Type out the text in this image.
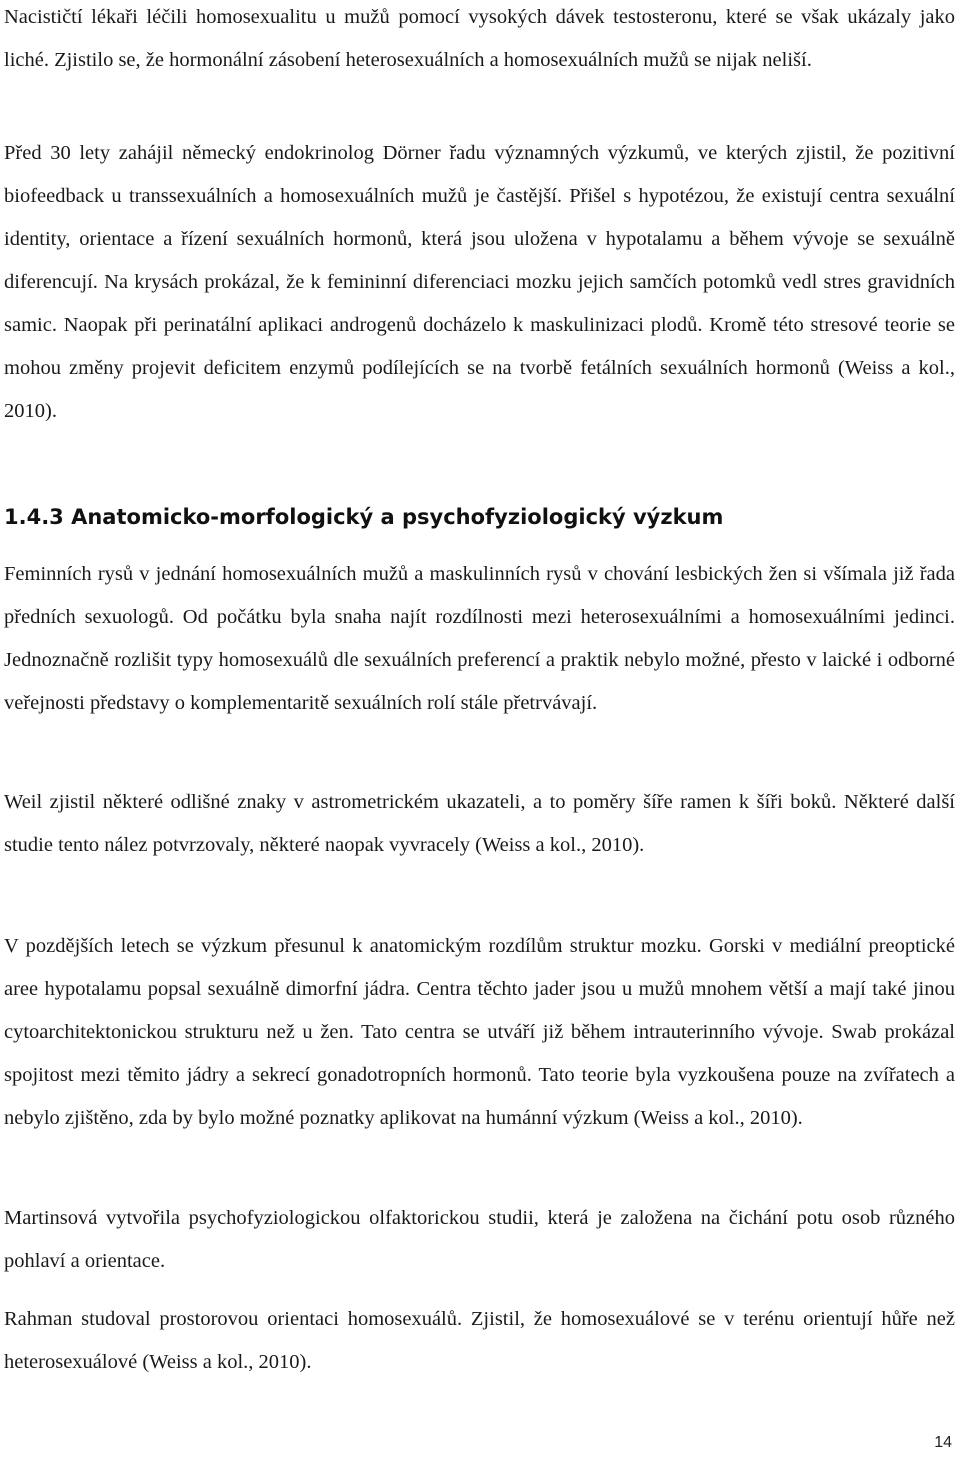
Nacističtí lékaři léčili homosexualitu u mužů pomocí vysokých dávek testosteronu, které se však ukázaly jako liché. Zjistilo se, že hormonální zásobení heterosexuálních a homosexuálních mužů se nijak neliší.

Před 30 lety zahájil německý endokrinolog Dörner řadu významných výzkumů, ve kterých zjistil, že pozitivní biofeedback u transsexuálních a homosexuálních mužů je častější. Přišel s hypotézou, že existují centra sexuální identity, orientace a řízení sexuálních hormonů, která jsou uložena v hypotalamu a během vývoje se sexuálně diferencují. Na krysách prokázal, že k femininní diferenciaci mozku jejich samčích potomků vedl stres gravidních samic. Naopak při perinatální aplikaci androgenů docházelo k maskulinizaci plodů. Kromě této stresové teorie se mohou změny projevit deficitem enzymů podílejících se na tvorbě fetálních sexuálních hormonů (Weiss a kol., 2010).

1.4.3 Anatomicko-morfologický a psychofyziologický výzkum

Feminních rysů v jednání homosexuálních mužů a maskulinních rysů v chování lesbických žen si všímala již řada předních sexuologů. Od počátku byla snaha najít rozdílnosti mezi heterosexuálními a homosexuálními jedinci. Jednoznačně rozlišit typy homosexuálů dle sexuálních preferencí a praktik nebylo možné, přesto v laické i odborné veřejnosti představy o komplementaritě sexuálních rolí stále přetrvávají.

Weil zjistil některé odlišné znaky v astrometrickém ukazateli, a to poměry šíře ramen k šíři boků. Některé další studie tento nález potvrzovaly, některé naopak vyvracely (Weiss a kol., 2010).

V pozdějších letech se výzkum přesunul k anatomickým rozdílům struktur mozku. Gorski v mediální preoptické aree hypotalamu popsal sexuálně dimorfní jádra. Centra těchto jader jsou u mužů mnohem větší a mají také jinou cytoarchitektonickou strukturu než u žen. Tato centra se utváří již během intrauterinního vývoje. Swab prokázal spojitost mezi těmito jádry a sekrecí gonadotropních hormonů. Tato teorie byla vyzkoušena pouze na zvířatech a nebylo zjištěno, zda by bylo možné poznatky aplikovat na humánní výzkum (Weiss a kol., 2010).

Martinsová vytvořila psychofyziologickou olfaktorickou studii, která je založena na čichání potu osob různého pohlaví a orientace.

Rahman studoval prostorovou orientaci homosexuálů. Zjistil, že homosexuálové se v terénu orientují hůře než heterosexuálové (Weiss a kol., 2010).

14
